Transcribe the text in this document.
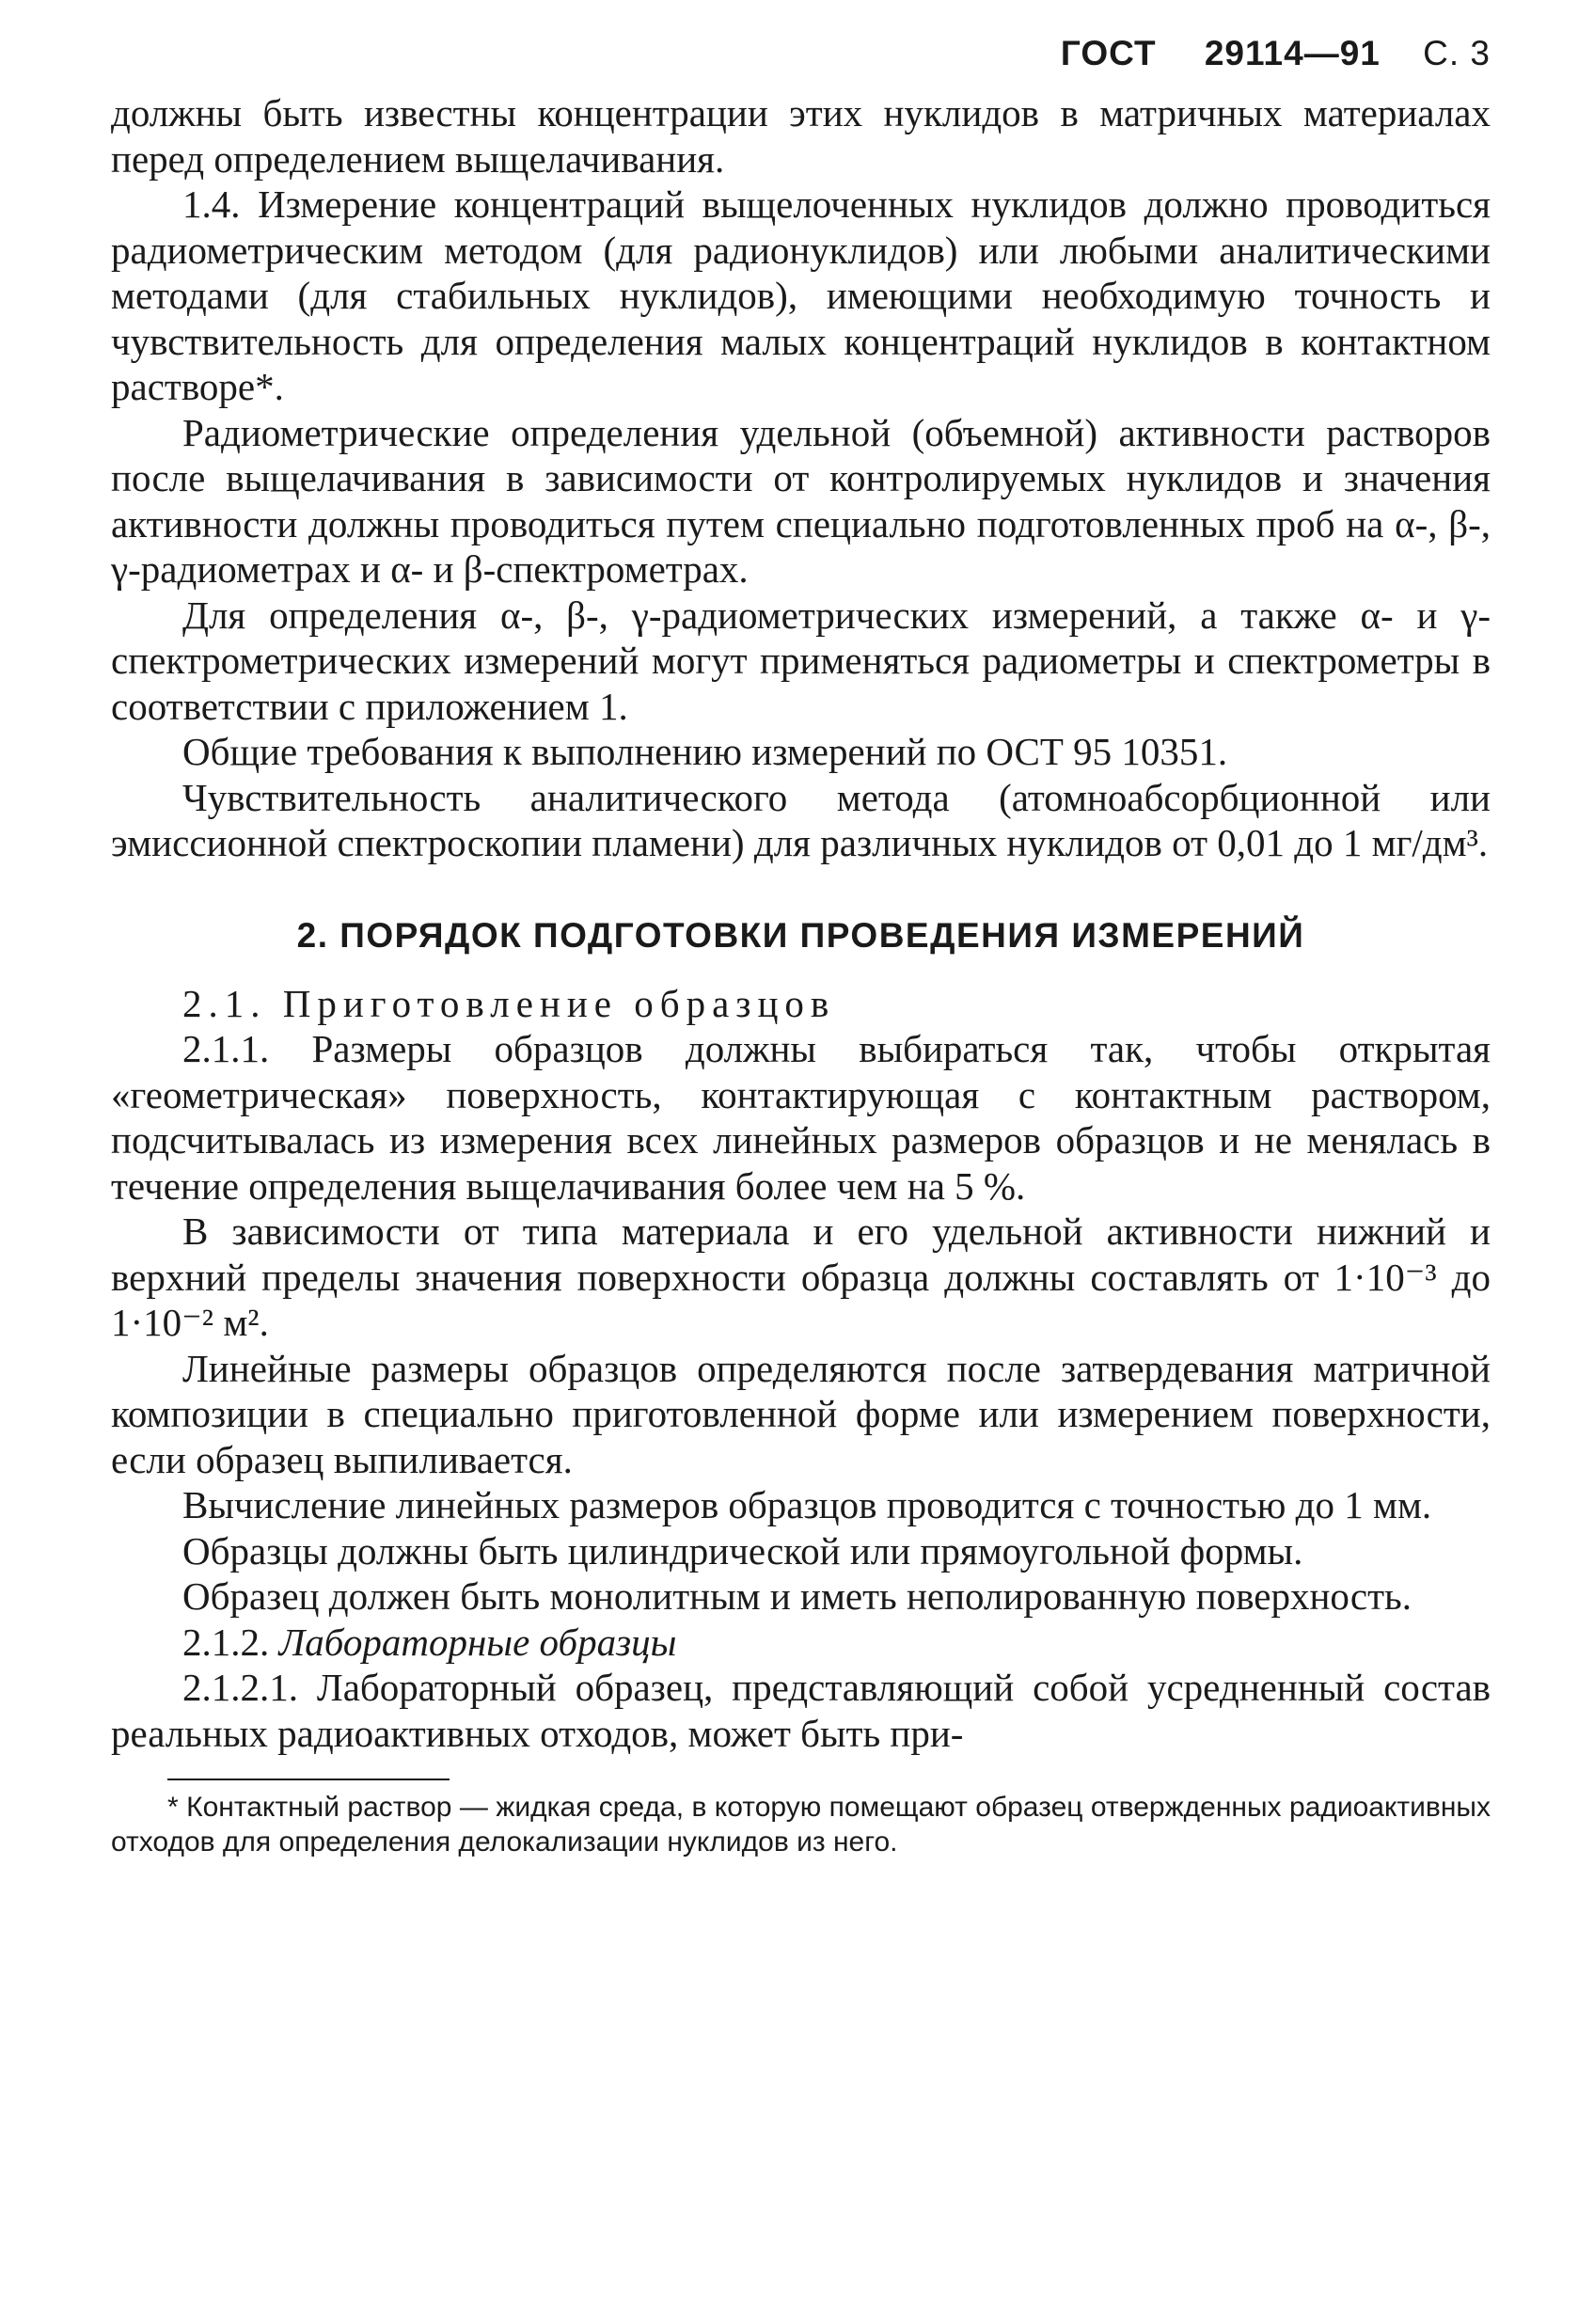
ГОСТ 29114—91 С. 3

должны быть известны концентрации этих нуклидов в матричных материалах перед определением выщелачивания.

1.4. Измерение концентраций выщелоченных нуклидов должно проводиться радиометрическим методом (для радионуклидов) или любыми аналитическими методами (для стабильных нуклидов), имеющими необходимую точность и чувствительность для определения малых концентраций нуклидов в контактном растворе*.

Радиометрические определения удельной (объемной) активности растворов после выщелачивания в зависимости от контролируемых нуклидов и значения активности должны проводиться путем специально подготовленных проб на α-, β-, γ-радиометрах и α- и β-спектрометрах.

Для определения α-, β-, γ-радиометрических измерений, а также α- и γ-спектрометрических измерений могут применяться радиометры и спектрометры в соответствии с приложением 1.

Общие требования к выполнению измерений по ОСТ 95 10351.

Чувствительность аналитического метода (атомноабсорбционной или эмиссионной спектроскопии пламени) для различных нуклидов от 0,01 до 1 мг/дм³.

2. ПОРЯДОК ПОДГОТОВКИ ПРОВЕДЕНИЯ ИЗМЕРЕНИЙ

2.1. Приготовление образцов

2.1.1. Размеры образцов должны выбираться так, чтобы открытая «геометрическая» поверхность, контактирующая с контактным раствором, подсчитывалась из измерения всех линейных размеров образцов и не менялась в течение определения выщелачивания более чем на 5 %.

В зависимости от типа материала и его удельной активности нижний и верхний пределы значения поверхности образца должны составлять от 1·10⁻³ до 1·10⁻² м².

Линейные размеры образцов определяются после затвердевания матричной композиции в специально приготовленной форме или измерением поверхности, если образец выпиливается.

Вычисление линейных размеров образцов проводится с точностью до 1 мм.

Образцы должны быть цилиндрической или прямоугольной формы.

Образец должен быть монолитным и иметь неполированную поверхность.

2.1.2. Лабораторные образцы

2.1.2.1. Лабораторный образец, представляющий собой усредненный состав реальных радиоактивных отходов, может быть при-

* Контактный раствор — жидкая среда, в которую помещают образец отвержденных радиоактивных отходов для определения делокализации нуклидов из него.
